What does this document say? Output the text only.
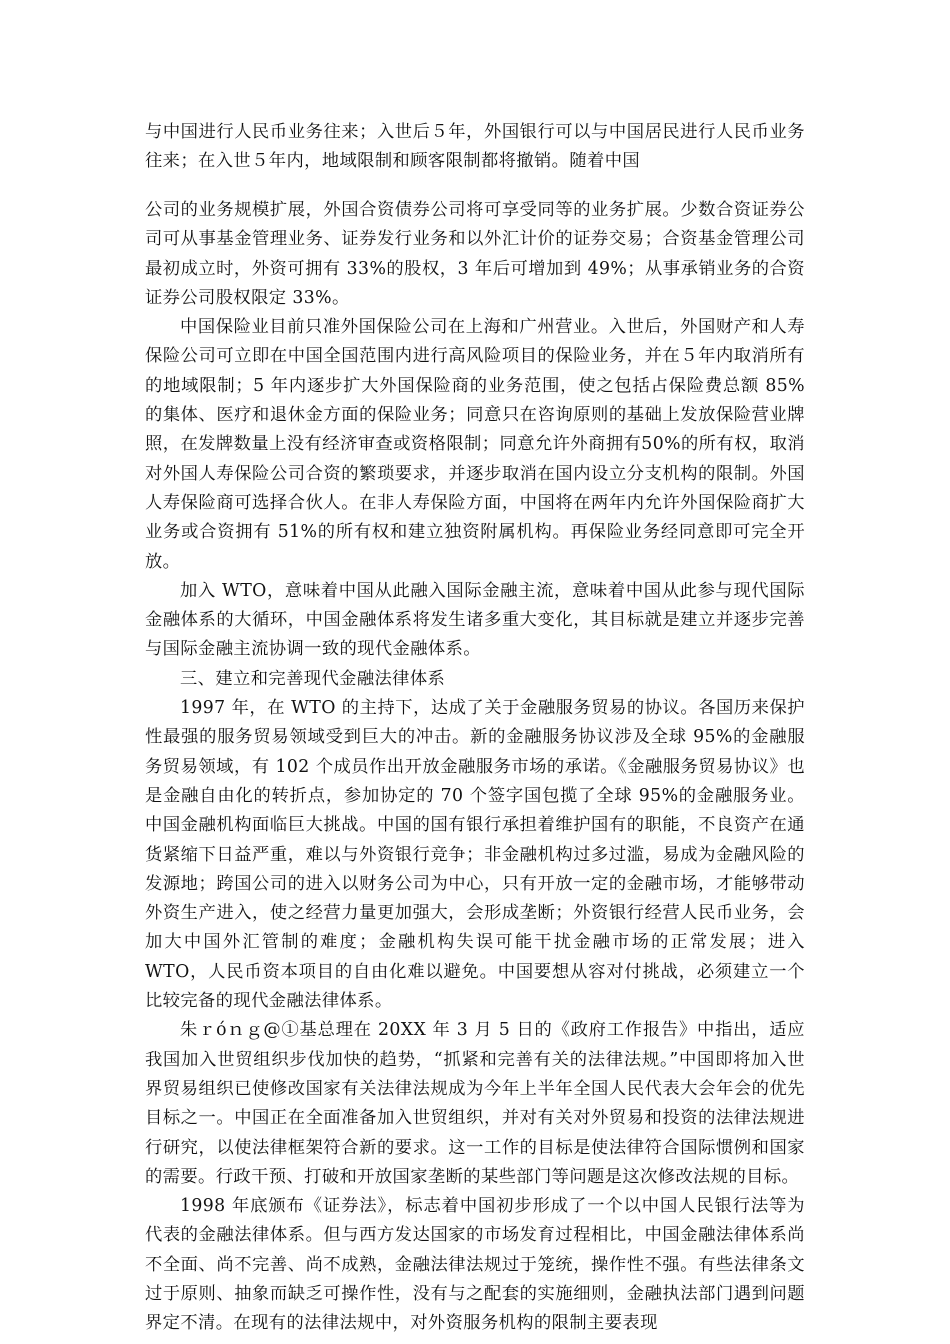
与中国进行人民币业务往来；入世后５年，外国银行可以与中国居民进行人民币业务往来；在入世５年内，地域限制和顾客限制都将撤销。随着中国

公司的业务规模扩展，外国合资债券公司将可享受同等的业务扩展。少数合资证券公司可从事基金管理业务、证券发行业务和以外汇计价的证券交易；合资基金管理公司最初成立时，外资可拥有 33%的股权，3 年后可增加到 49%；从事承销业务的合资证券公司股权限定 33%。

中国保险业目前只准外国保险公司在上海和广州营业。入世后，外国财产和人寿保险公司可立即在中国全国范围内进行高风险项目的保险业务，并在５年内取消所有的地域限制；5 年内逐步扩大外国保险商的业务范围，使之包括占保险费总额 85%的集体、医疗和退休金方面的保险业务；同意只在咨询原则的基础上发放保险营业牌照，在发牌数量上没有经济审查或资格限制；同意允许外商拥有50%的所有权，取消对外国人寿保险公司合资的繁琐要求，并逐步取消在国内设立分支机构的限制。外国人寿保险商可选择合伙人。在非人寿保险方面，中国将在两年内允许外国保险商扩大业务或合资拥有 51%的所有权和建立独资附属机构。再保险业务经同意即可完全开放。

加入 WTO，意味着中国从此融入国际金融主流，意味着中国从此参与现代国际金融体系的大循环，中国金融体系将发生诸多重大变化，其目标就是建立并逐步完善与国际金融主流协调一致的现代金融体系。

三、建立和完善现代金融法律体系

1997 年，在 WTO 的主持下，达成了关于金融服务贸易的协议。各国历来保护性最强的服务贸易领域受到巨大的冲击。新的金融服务协议涉及全球 95%的金融服务贸易领域，有 102 个成员作出开放金融服务市场的承诺。《金融服务贸易协议》也是金融自由化的转折点，参加协定的 70 个签字国包揽了全球 95%的金融服务业。中国金融机构面临巨大挑战。中国的国有银行承担着维护国有的职能，不良资产在通货紧缩下日益严重，难以与外资银行竞争；非金融机构过多过滥，易成为金融风险的发源地；跨国公司的进入以财务公司为中心，只有开放一定的金融市场，才能够带动外资生产进入，使之经营力量更加强大，会形成垄断；外资银行经营人民币业务，会加大中国外汇管制的难度；金融机构失误可能干扰金融市场的正常发展；进入 WTO，人民币资本项目的自由化难以避免。中国要想从容对付挑战，必须建立一个比较完备的现代金融法律体系。

朱ｒóｎｇ@①基总理在 20XX 年 3 月 5 日的《政府工作报告》中指出，适应我国加入世贸组织步伐加快的趋势，“抓紧和完善有关的法律法规。”中国即将加入世界贸易组织已使修改国家有关法律法规成为今年上半年全国人民代表大会年会的优先目标之一。中国正在全面准备加入世贸组织，并对有关对外贸易和投资的法律法规进行研究，以使法律框架符合新的要求。这一工作的目标是使法律符合国际惯例和国家的需要。行政干预、打破和开放国家垄断的某些部门等问题是这次修改法规的目标。

1998 年底颁布《证券法》，标志着中国初步形成了一个以中国人民银行法等为代表的金融法律体系。但与西方发达国家的市场发育过程相比，中国金融法律体系尚不全面、尚不完善、尚不成熟，金融法律法规过于笼统，操作性不强。有些法律条文过于原则、抽象而缺乏可操作性，没有与之配套的实施细则，金融执法部门遇到问题界定不清。在现有的法律法规中，对外资服务机构的限制主要表现
